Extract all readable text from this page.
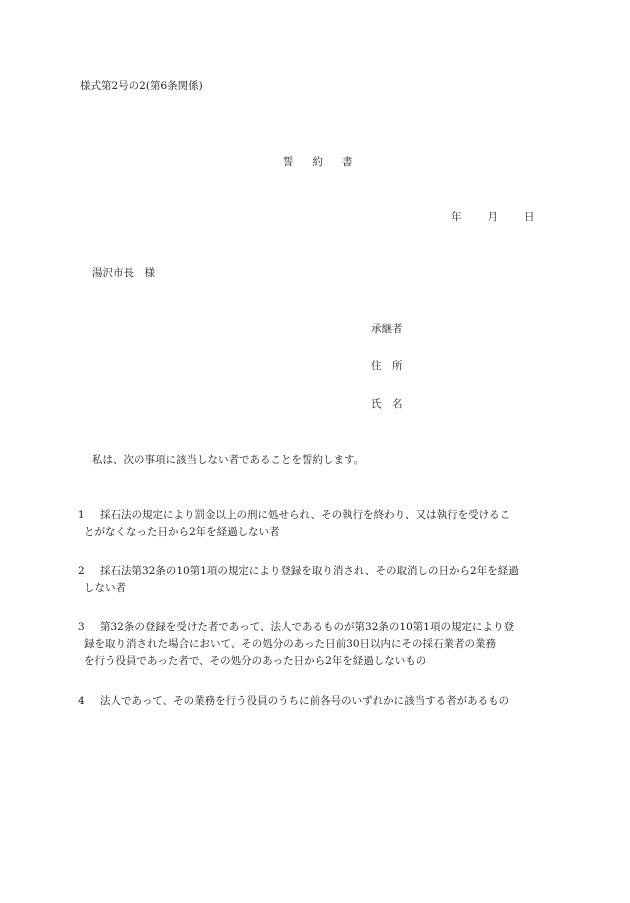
様式第2号の2(第6条関係)
誓 約 書
年 月 日
湯沢市長　様
承継者
住　所
氏　名
私は、次の事項に該当しない者であることを誓約します。
1	採石法の規定により罰金以上の刑に処せられ、その執行を終わり、又は執行を受けるこ
とがなくなった日から2年を経過しない者
2	採石法第32条の10第1項の規定により登録を取り消され、その取消しの日から2年を経過
しない者
3	第32条の登録を受けた者であって、法人であるものが第32条の10第1項の規定により登
録を取り消された場合において、その処分のあった日前30日以内にその採石業者の業務
を行う役員であった者で、その処分のあった日から2年を経過しないもの
4	法人であって、その業務を行う役員のうちに前各号のいずれかに該当する者があるもの
